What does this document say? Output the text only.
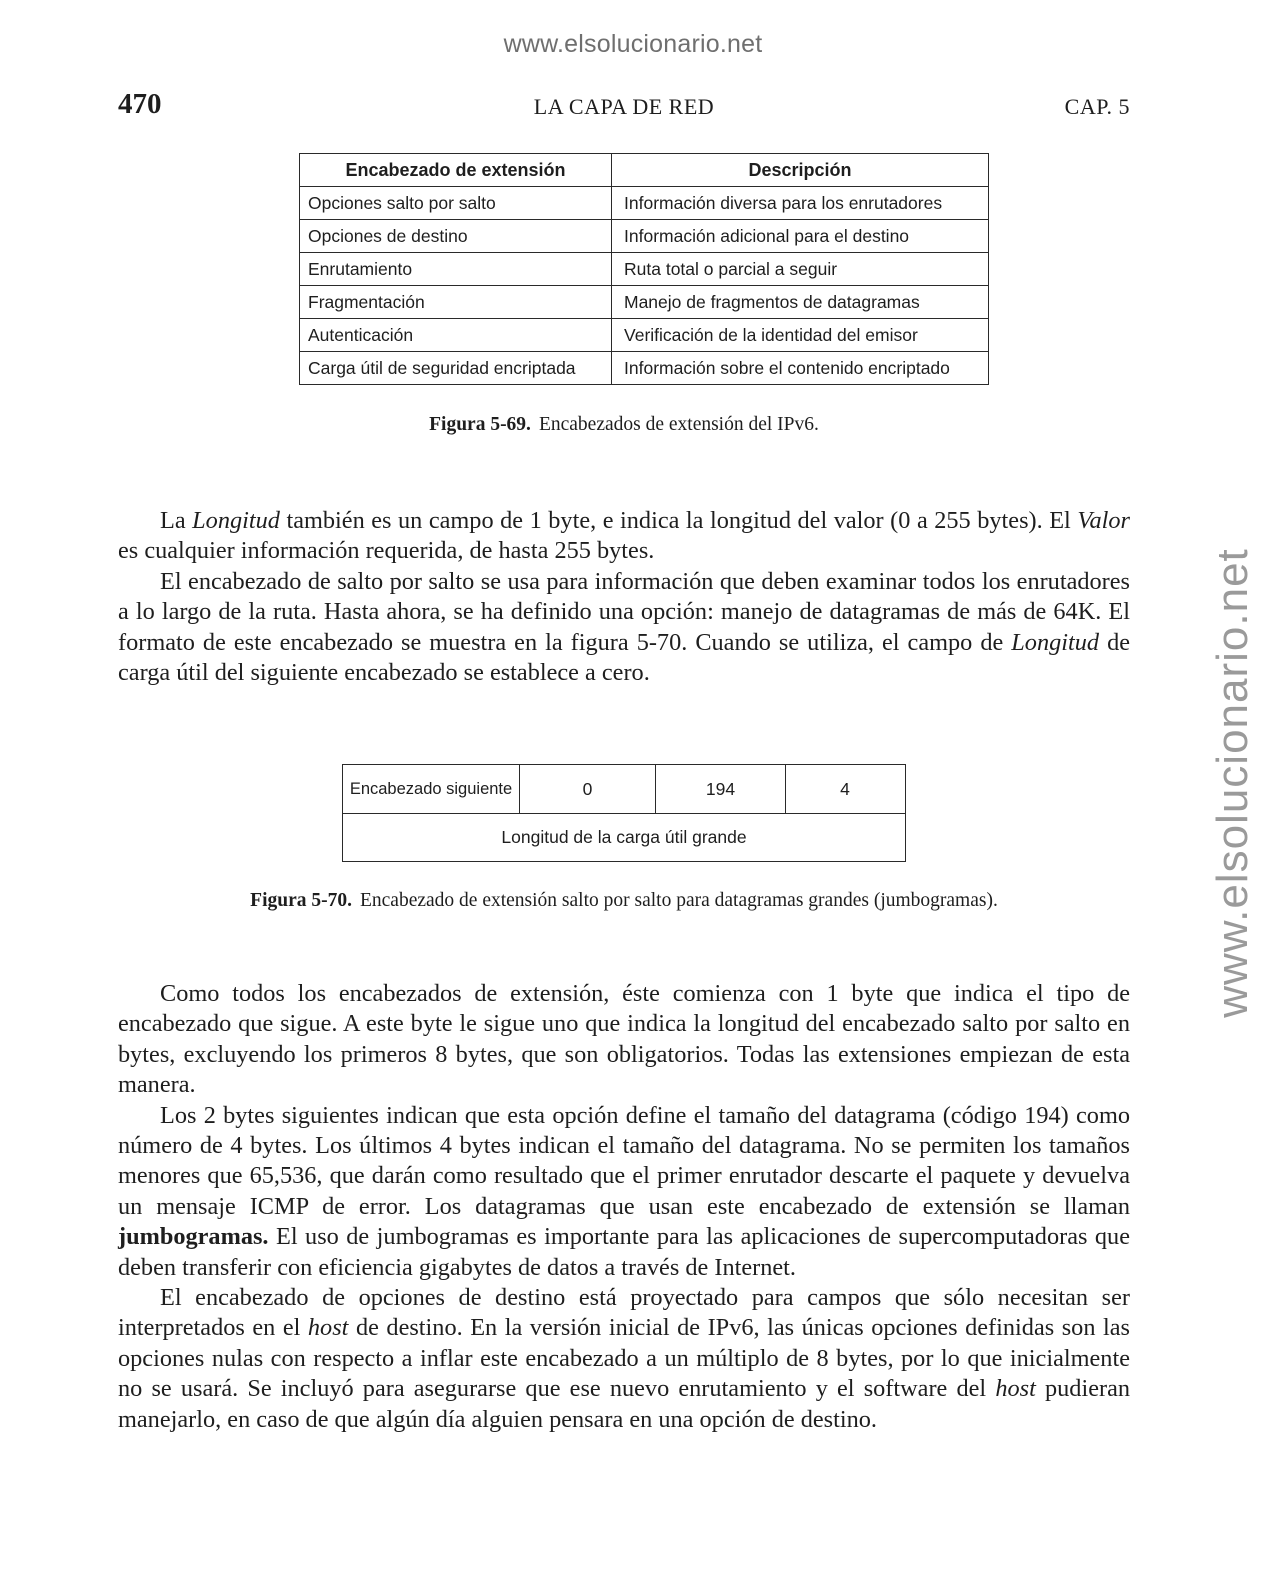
www.elsolucionario.net
www.elsolucionario.net
470	LA CAPA DE RED	CAP. 5
Encabezado de extensión	Descripción
Opciones salto por salto	Información diversa para los enrutadores
Opciones de destino	Información adicional para el destino
Enrutamiento	Ruta total o parcial a seguir
Fragmentación	Manejo de fragmentos de datagramas
Autenticación	Verificación de la identidad del emisor
Carga útil de seguridad encriptada	Información sobre el contenido encriptado
Figura 5-69. Encabezados de extensión del IPv6.

La Longitud también es un campo de 1 byte, e indica la longitud del valor (0 a 255 bytes). El Valor es cualquier información requerida, de hasta 255 bytes.

El encabezado de salto por salto se usa para información que deben examinar todos los enrutadores a lo largo de la ruta. Hasta ahora, se ha definido una opción: manejo de datagramas de más de 64K. El formato de este encabezado se muestra en la figura 5-70. Cuando se utiliza, el campo de Longitud de carga útil del siguiente encabezado se establece a cero.

Encabezado siguiente	0	194	4
Longitud de la carga útil grande
Figura 5-70. Encabezado de extensión salto por salto para datagramas grandes (jumbogramas).

Como todos los encabezados de extensión, éste comienza con 1 byte que indica el tipo de encabezado que sigue. A este byte le sigue uno que indica la longitud del encabezado salto por salto en bytes, excluyendo los primeros 8 bytes, que son obligatorios. Todas las extensiones empiezan de esta manera.

Los 2 bytes siguientes indican que esta opción define el tamaño del datagrama (código 194) como número de 4 bytes. Los últimos 4 bytes indican el tamaño del datagrama. No se permiten los tamaños menores que 65,536, que darán como resultado que el primer enrutador descarte el paquete y devuelva un mensaje ICMP de error. Los datagramas que usan este encabezado de extensión se llaman jumbogramas. El uso de jumbogramas es importante para las aplicaciones de supercomputadoras que deben transferir con eficiencia gigabytes de datos a través de Internet.

El encabezado de opciones de destino está proyectado para campos que sólo necesitan ser interpretados en el host de destino. En la versión inicial de IPv6, las únicas opciones definidas son las opciones nulas con respecto a inflar este encabezado a un múltiplo de 8 bytes, por lo que inicialmente no se usará. Se incluyó para asegurarse que ese nuevo enrutamiento y el software del host pudieran manejarlo, en caso de que algún día alguien pensara en una opción de destino.
